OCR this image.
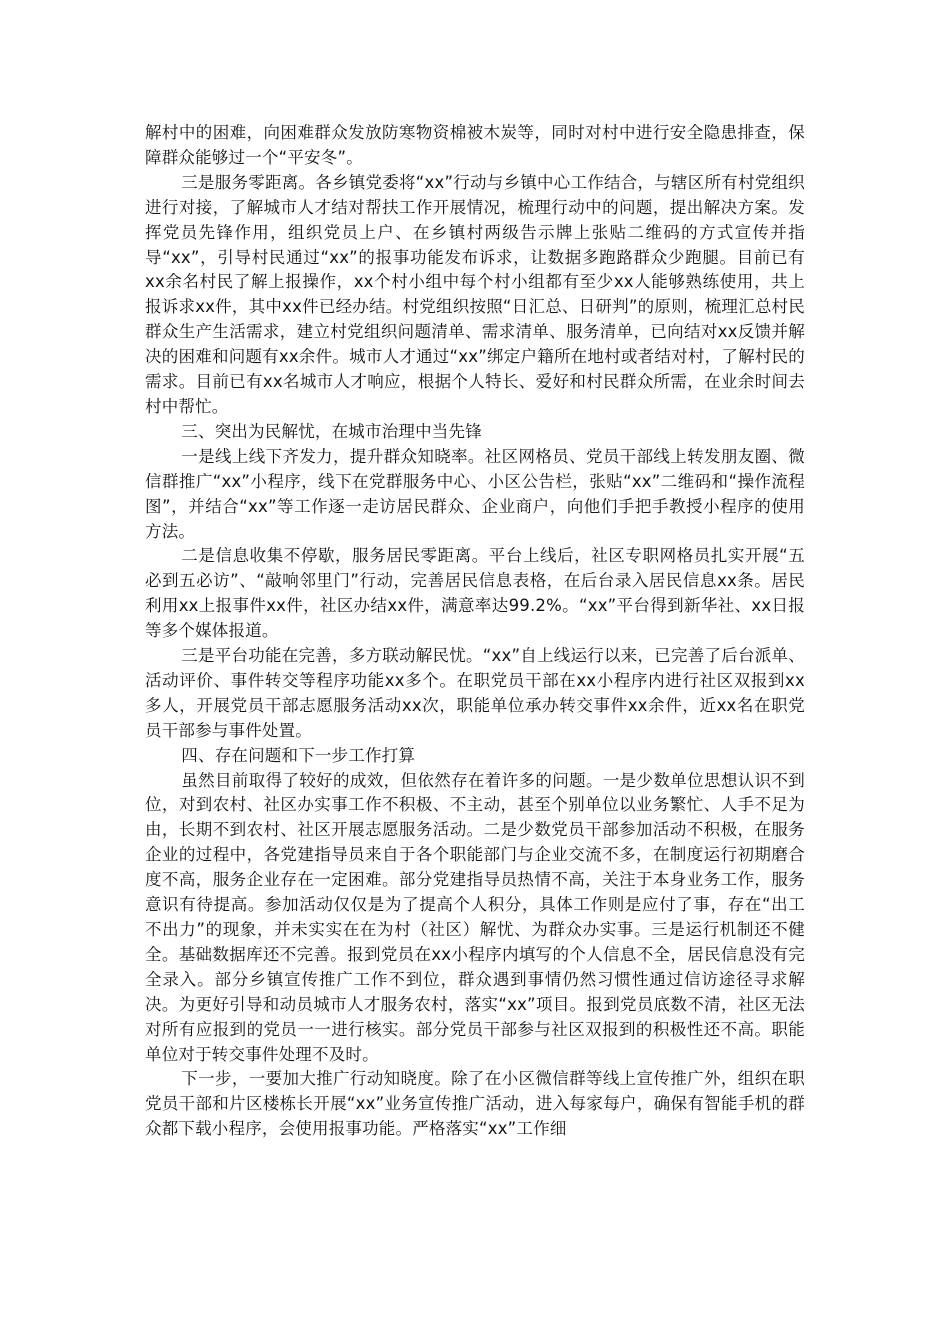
解村中的困难，向困难群众发放防寒物资棉被木炭等，同时对村中进行安全隐患排查，保障群众能够过一个“平安冬”。

三是服务零距离。各乡镇党委将“xx”行动与乡镇中心工作结合，与辖区所有村党组织进行对接，了解城市人才结对帮扶工作开展情况，梳理行动中的问题，提出解决方案。发挥党员先锋作用，组织党员上户、在乡镇村两级告示牌上张贴二维码的方式宣传并指导“xx”，引导村民通过“xx”的报事功能发布诉求，让数据多跑路群众少跑腿。目前已有xx余名村民了解上报操作，xx个村小组中每个村小组都有至少xx人能够熟练使用，共上报诉求xx件，其中xx件已经办结。村党组织按照“日汇总、日研判”的原则，梳理汇总村民群众生产生活需求，建立村党组织问题清单、需求清单、服务清单，已向结对xx反馈并解决的困难和问题有xx余件。城市人才通过“xx”绑定户籍所在地村或者结对村，了解村民的需求。目前已有xx名城市人才响应，根据个人特长、爱好和村民群众所需，在业余时间去村中帮忙。

三、突出为民解忧，在城市治理中当先锋

一是线上线下齐发力，提升群众知晓率。社区网格员、党员干部线上转发朋友圈、微信群推广“xx”小程序，线下在党群服务中心、小区公告栏，张贴“xx”二维码和“操作流程图”，并结合“xx”等工作逐一走访居民群众、企业商户，向他们手把手教授小程序的使用方法。

二是信息收集不停歇，服务居民零距离。平台上线后，社区专职网格员扎实开展“五必到五必访”、“敲响邻里门”行动，完善居民信息表格，在后台录入居民信息xx条。居民利用xx上报事件xx件，社区办结xx件，满意率达99.2%。“xx”平台得到新华社、xx日报等多个媒体报道。

三是平台功能在完善，多方联动解民忧。“xx”自上线运行以来，已完善了后台派单、活动评价、事件转交等程序功能xx多个。在职党员干部在xx小程序内进行社区双报到xx多人，开展党员干部志愿服务活动xx次，职能单位承办转交事件xx余件，近xx名在职党员干部参与事件处置。

四、存在问题和下一步工作打算

虽然目前取得了较好的成效，但依然存在着许多的问题。一是少数单位思想认识不到位，对到农村、社区办实事工作不积极、不主动，甚至个别单位以业务繁忙、人手不足为由，长期不到农村、社区开展志愿服务活动。二是少数党员干部参加活动不积极，在服务企业的过程中，各党建指导员来自于各个职能部门与企业交流不多，在制度运行初期磨合度不高，服务企业存在一定困难。部分党建指导员热情不高，关注于本身业务工作，服务意识有待提高。参加活动仅仅是为了提高个人积分，具体工作则是应付了事，存在“出工不出力”的现象，并未实实在在为村（社区）解忧、为群众办实事。三是运行机制还不健全。基础数据库还不完善。报到党员在xx小程序内填写的个人信息不全，居民信息没有完全录入。部分乡镇宣传推广工作不到位，群众遇到事情仍然习惯性通过信访途径寻求解决。为更好引导和动员城市人才服务农村，落实“xx”项目。报到党员底数不清，社区无法对所有应报到的党员一一进行核实。部分党员干部参与社区双报到的积极性还不高。职能单位对于转交事件处理不及时。

下一步，一要加大推广行动知晓度。除了在小区微信群等线上宣传推广外，组织在职党员干部和片区楼栋长开展“xx”业务宣传推广活动，进入每家每户，确保有智能手机的群众都下载小程序，会使用报事功能。严格落实“xx”工作细
